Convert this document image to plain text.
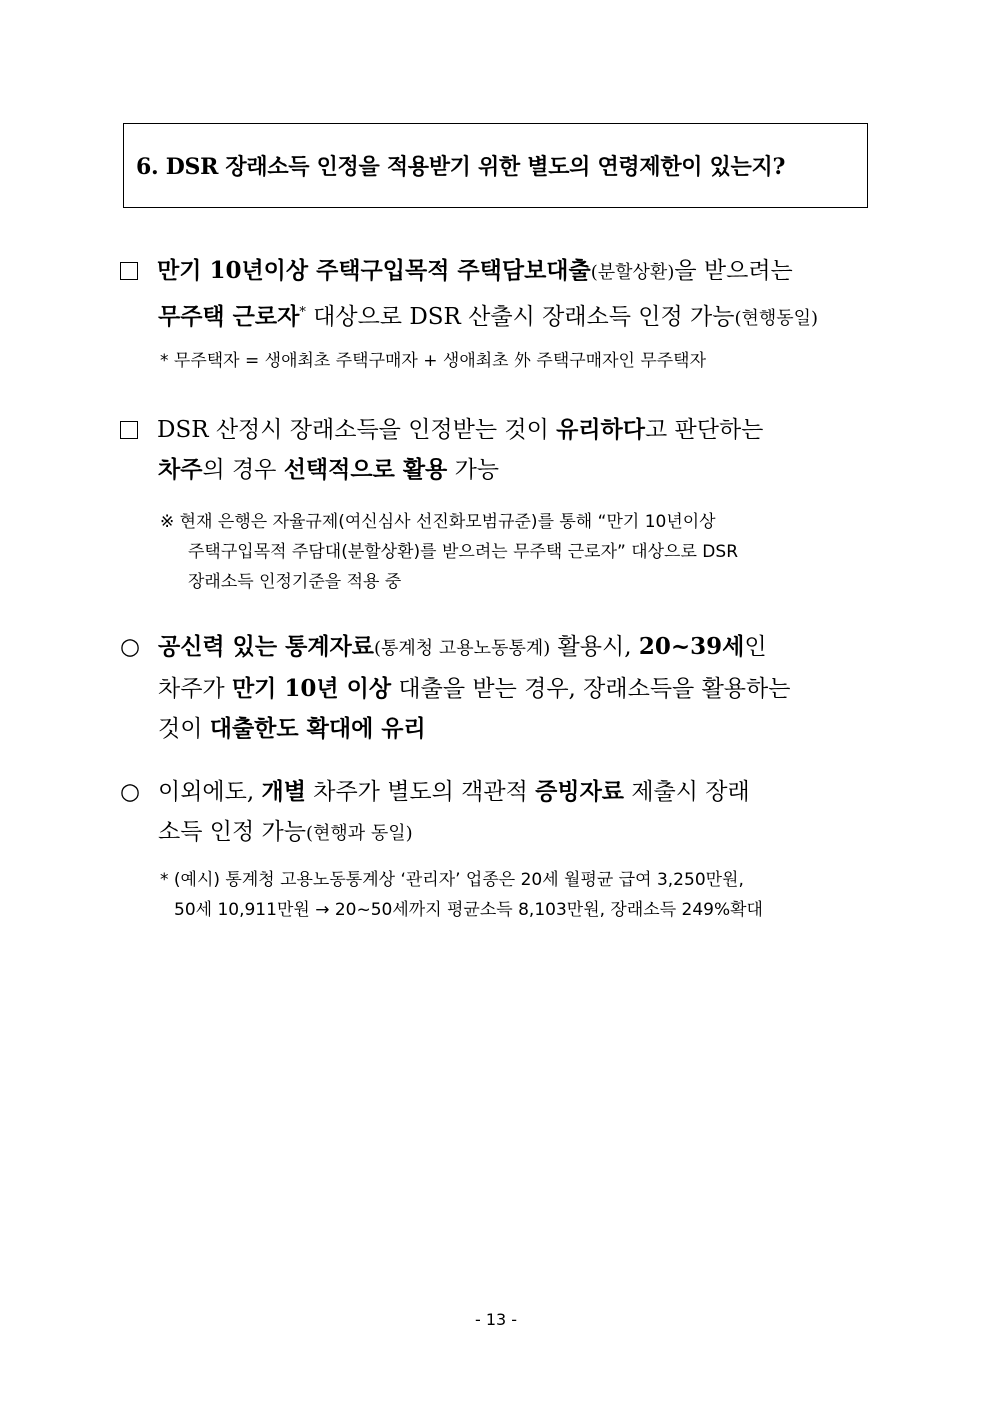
6. DSR 장래소득 인정을 적용받기 위한 별도의 연령제한이 있는지?
만기 10년이상 주택구입목적 주택담보대출(분할상환)을 받으려는
무주택 근로자* 대상으로 DSR 산출시 장래소득 인정 가능(현행동일)
* 무주택자 = 생애최초 주택구매자 + 생애최초 外 주택구매자인 무주택자
DSR 산정시 장래소득을 인정받는 것이 유리하다고 판단하는
차주의 경우 선택적으로 활용 가능
※ 현재 은행은 자율규제(여신심사 선진화모범규준)를 통해 “만기 10년이상
주택구입목적 주담대(분할상환)를 받으려는 무주택 근로자” 대상으로 DSR
장래소득 인정기준을 적용 중
○ 공신력 있는 통계자료(통계청 고용노동통계) 활용시, 20~39세인
차주가 만기 10년 이상 대출을 받는 경우, 장래소득을 활용하는
것이 대출한도 확대에 유리
○ 이외에도, 개별 차주가 별도의 객관적 증빙자료 제출시 장래
소득 인정 가능(현행과 동일)
* (예시) 통계청 고용노동통계상 ‘관리자’ 업종은 20세 월평균 급여 3,250만원,
50세 10,911만원 → 20~50세까지 평균소득 8,103만원, 장래소득 249%확대
- 13 -
